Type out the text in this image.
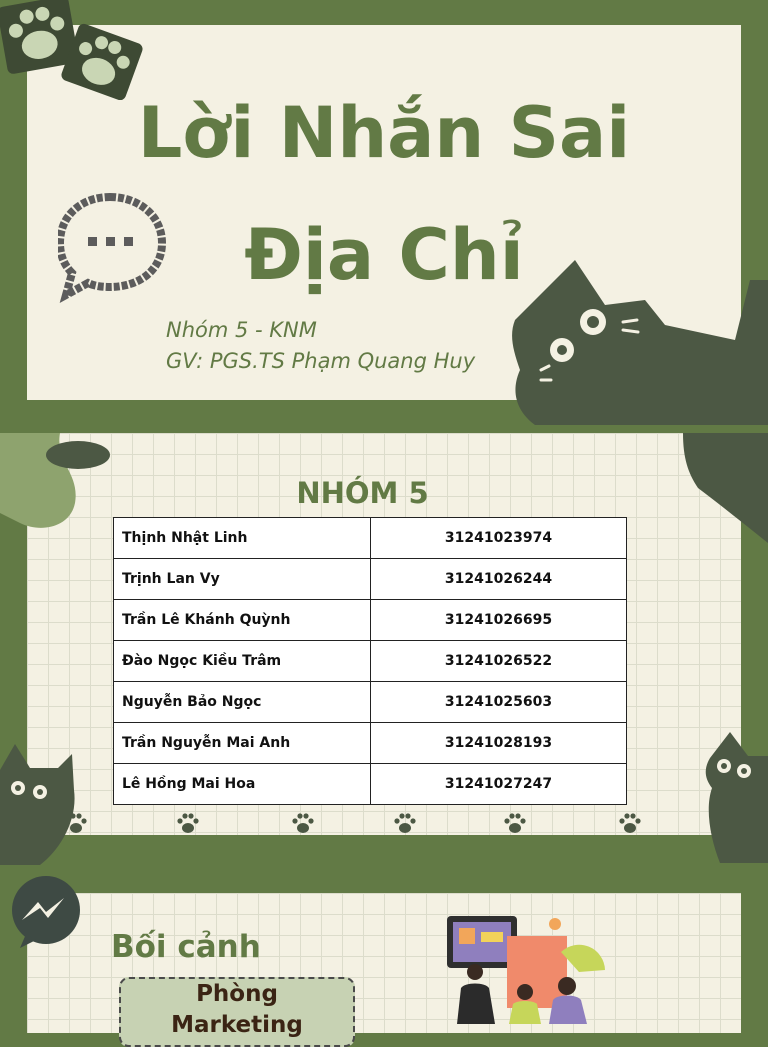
Lời Nhắn Sai
Địa Chỉ

Nhóm 5 - KNM

GV: PGS.TS Phạm Quang Huy

NHÓM 5
Thịnh Nhật Linh	31241023974
Trịnh Lan Vy	31241026244
Trần Lê Khánh Quỳnh	31241026695
Đào Ngọc Kiều Trâm	31241026522
Nguyễn Bảo Ngọc	31241025603
Trần Nguyễn Mai Anh	31241028193
Lê Hồng Mai Hoa	31241027247
Bối cảnh
Phòng
Marketing
